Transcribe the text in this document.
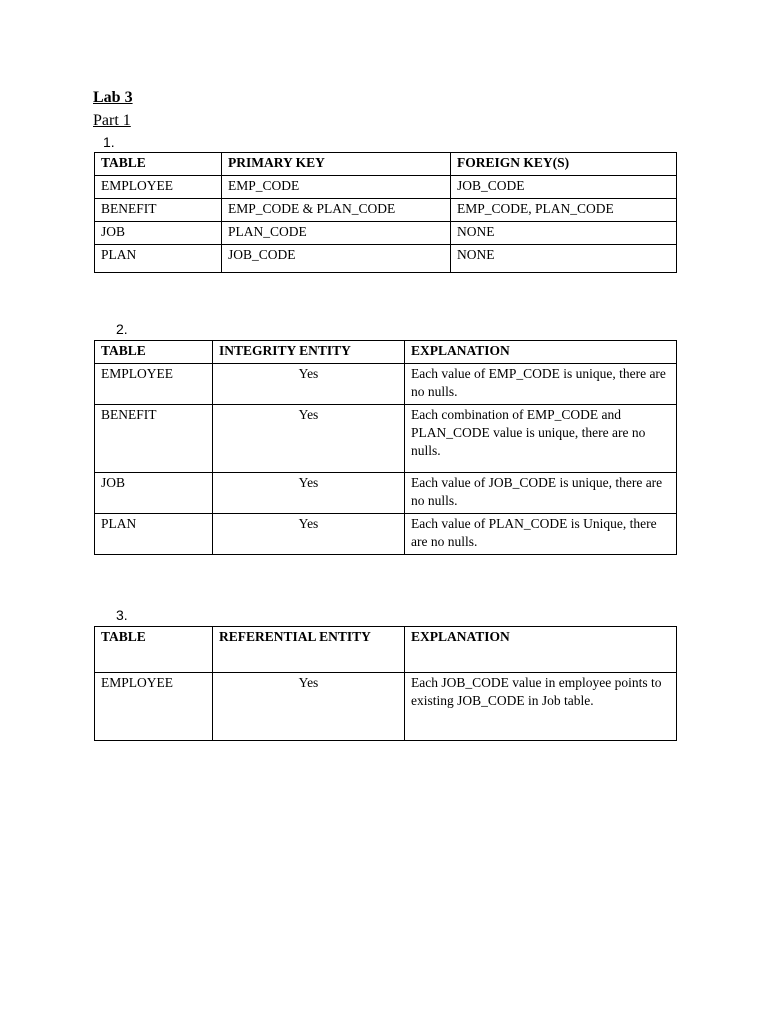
Lab 3
Part 1
1.
TABLE	PRIMARY KEY	FOREIGN KEY(S)
EMPLOYEE	EMP_CODE	JOB_CODE
BENEFIT	EMP_CODE & PLAN_CODE	EMP_CODE, PLAN_CODE
JOB	PLAN_CODE	NONE
PLAN	JOB_CODE	NONE
2.
TABLE	INTEGRITY ENTITY	EXPLANATION
EMPLOYEE	Yes	Each value of EMP_CODE is unique, there are no nulls.
BENEFIT	Yes	Each combination of EMP_CODE and PLAN_CODE value is unique, there are no nulls.
JOB	Yes	Each value of JOB_CODE is unique, there are no nulls.
PLAN	Yes	Each value of PLAN_CODE is Unique, there are no nulls.
3.
TABLE	REFERENTIAL ENTITY	EXPLANATION
EMPLOYEE	Yes	Each JOB_CODE value in employee points to existing JOB_CODE in Job table.
